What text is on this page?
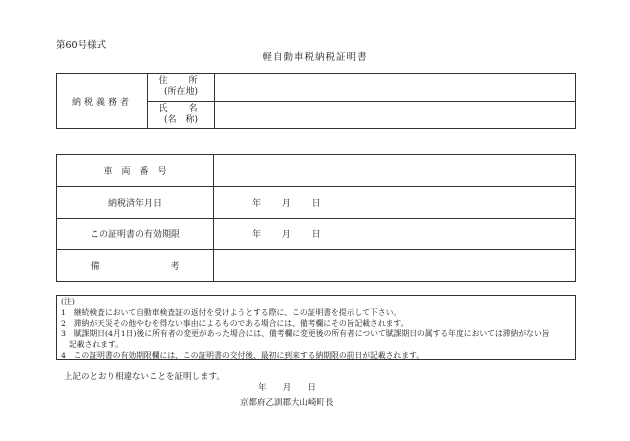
第60号様式
軽自動車税納税証明書
納税義務者	住　所
(所在地)	

	氏　名
(名　称)	

車　両　番　号	
納税済年月日	年 月 日
この証明書の有効期限	年 月 日
備 考	

(注)

1　継続検査において自動車検査証の返付を受けようとする際に、この証明書を提示して下さい。

2　滞納が天災その他やむを得ない事由によるものである場合には、備考欄にその旨記載されます。

3　賦課期日(4月1日)後に所有者の変更があった場合には、備考欄に変更後の所有者について賦課期日の属する年度においては滞納がない旨

記載されます。

4　この証明書の有効期限欄には、この証明書の交付後、最初に到来する納期限の前日が記載されます。

上記のとおり相違ないことを証明します。
年 月 日
京都府乙訓郡大山崎町長
